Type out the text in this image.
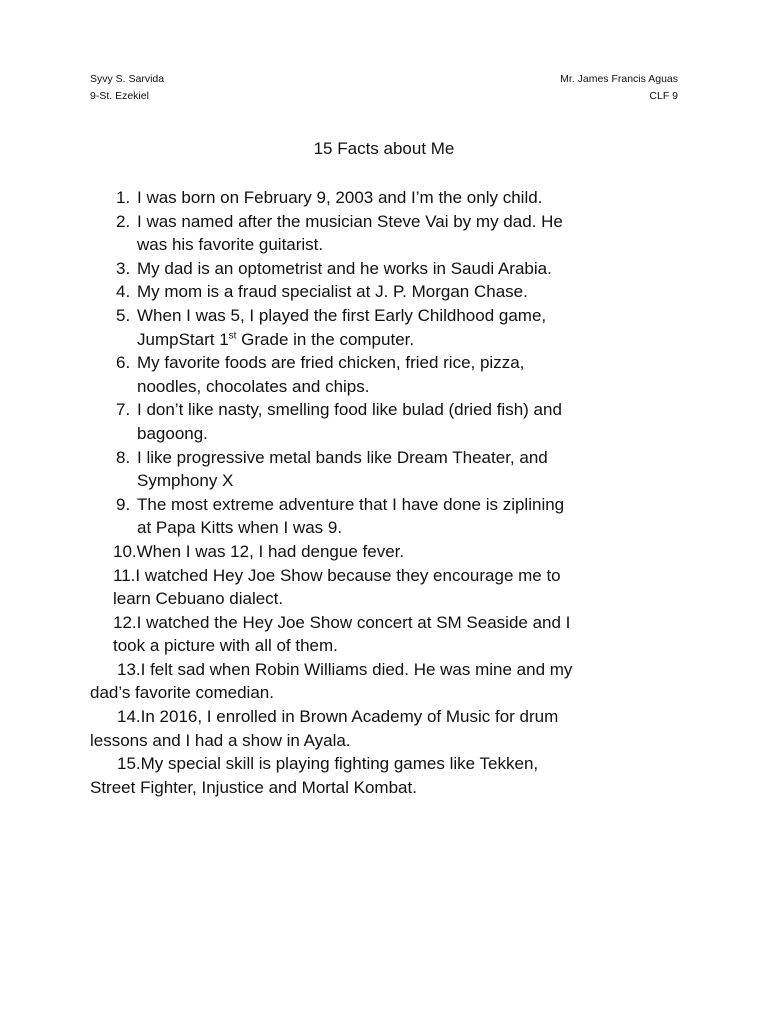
Syvy S. Sarvida
9-St. Ezekiel
Mr. James Francis Aguas
CLF 9
15 Facts about Me
1. I was born on February 9, 2003 and I’m the only child.
2. I was named after the musician Steve Vai by my dad. He
was his favorite guitarist.
3. My dad is an optometrist and he works in Saudi Arabia.
4. My mom is a fraud specialist at J. P. Morgan Chase.
5. When I was 5, I played the first Early Childhood game,
JumpStart 1st Grade in the computer.
6. My favorite foods are fried chicken, fried rice, pizza,
noodles, chocolates and chips.
7. I don’t like nasty, smelling food like bulad (dried fish) and
bagoong.
8. I like progressive metal bands like Dream Theater, and
Symphony X
9. The most extreme adventure that I have done is ziplining
at Papa Kitts when I was 9.
10.When I was 12, I had dengue fever.
11.I watched Hey Joe Show because they encourage me to
learn Cebuano dialect.
12.I watched the Hey Joe Show concert at SM Seaside and I
took a picture with all of them.
13.I felt sad when Robin Williams died. He was mine and my
dad’s favorite comedian.
14.In 2016, I enrolled in Brown Academy of Music for drum
lessons and I had a show in Ayala.
15.My special skill is playing fighting games like Tekken,
Street Fighter, Injustice and Mortal Kombat.
